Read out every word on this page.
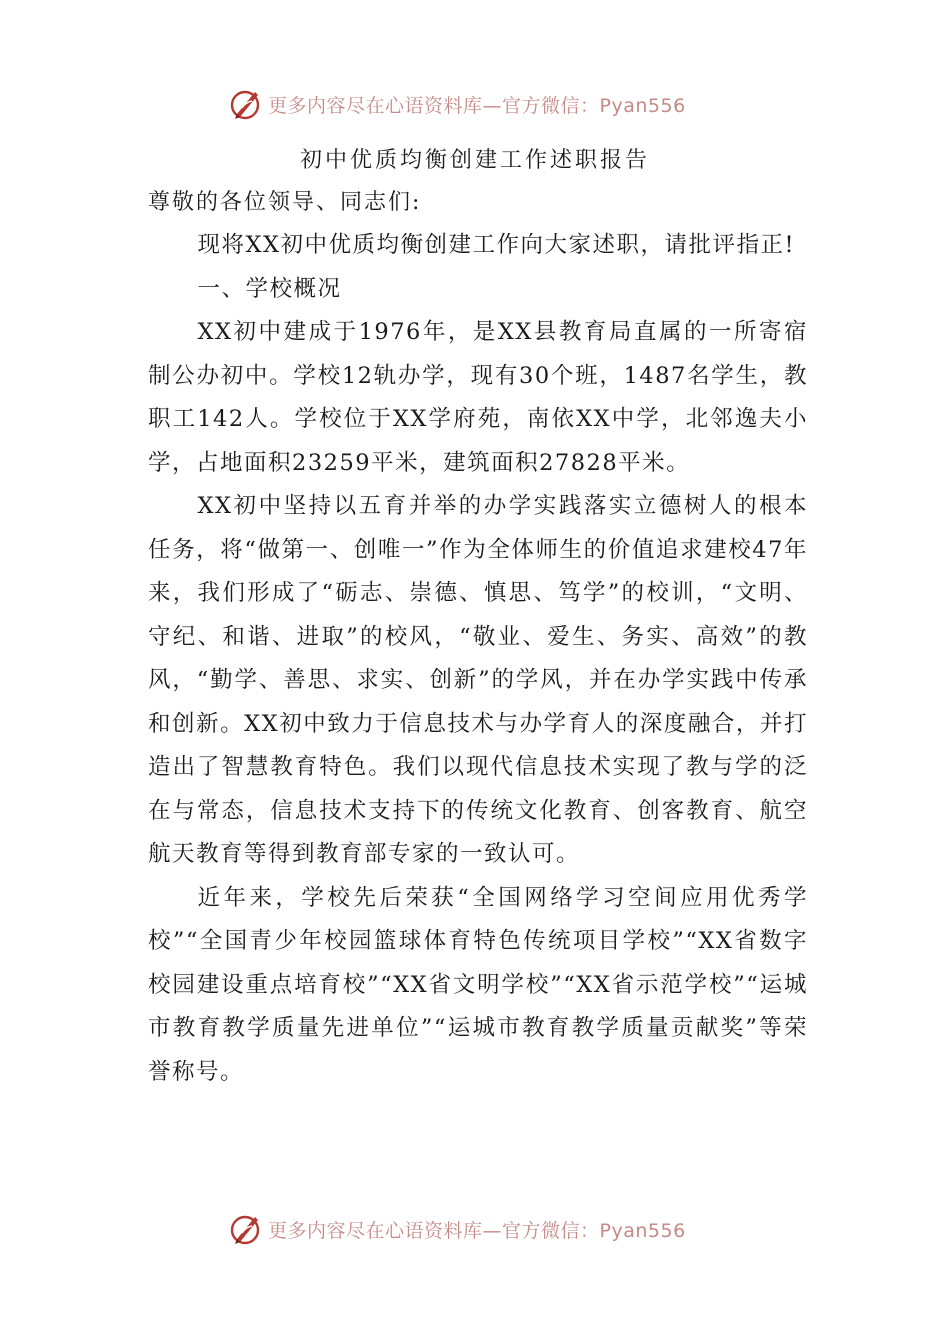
更多内容尽在心语资料库—官方微信：Pyan556
初中优质均衡创建工作述职报告
尊敬的各位领导、同志们:

现将XX初中优质均衡创建工作向大家述职，请批评指正!

一、学校概况

XX初中建成于1976年，是XX县教育局直属的一所寄宿制公办初中。学校12轨办学，现有30个班，1487名学生，教职工142人。学校位于XX学府苑，南依XX中学，北邻逸夫小学，占地面积23259平米，建筑面积27828平米。

XX初中坚持以五育并举的办学实践落实立德树人的根本任务，将“做第一、创唯一”作为全体师生的价值追求建校47年来，我们形成了“砺志、崇德、慎思、笃学”的校训，“文明、守纪、和谐、进取”的校风，“敬业、爱生、务实、高效”的教风，“勤学、善思、求实、创新”的学风，并在办学实践中传承和创新。XX初中致力于信息技术与办学育人的深度融合，并打造出了智慧教育特色。我们以现代信息技术实现了教与学的泛在与常态，信息技术支持下的传统文化教育、创客教育、航空航天教育等得到教育部专家的一致认可。

近年来，学校先后荣获“全国网络学习空间应用优秀学校”“全国青少年校园篮球体育特色传统项目学校”“XX省数字校园建设重点培育校”“XX省文明学校”“XX省示范学校”“运城市教育教学质量先进单位”“运城市教育教学质量贡献奖”等荣誉称号。

更多内容尽在心语资料库—官方微信：Pyan556
